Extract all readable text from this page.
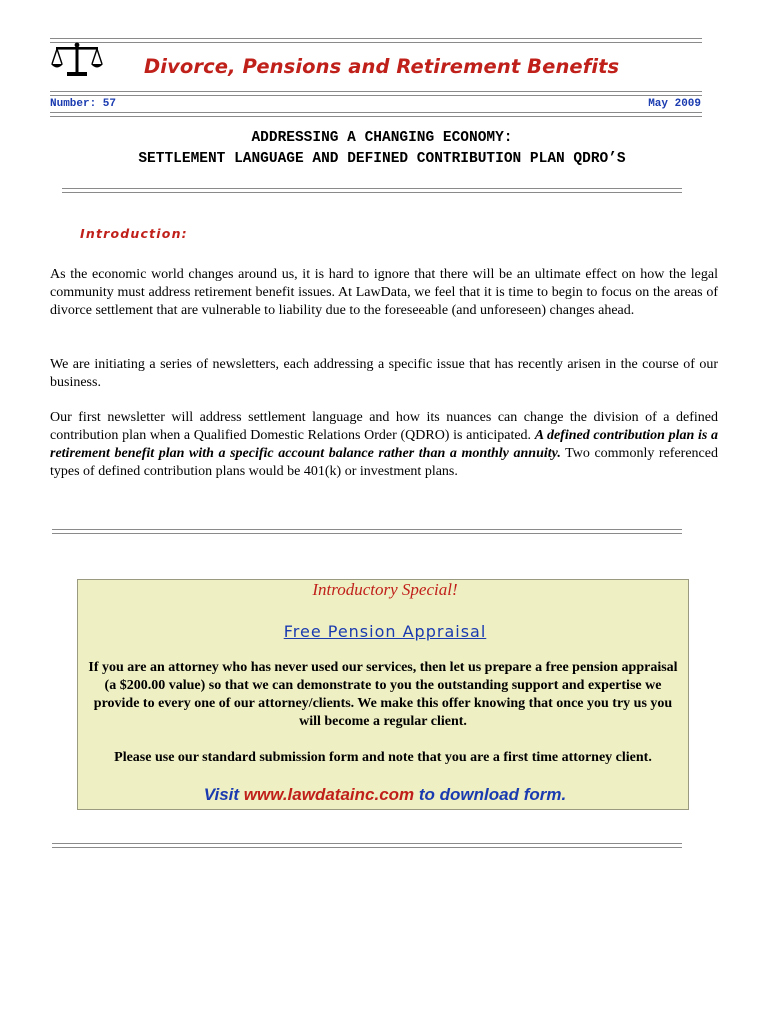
Divorce, Pensions and Retirement Benefits
Number: 57	May 2009
ADDRESSING A CHANGING ECONOMY:
SETTLEMENT LANGUAGE AND DEFINED CONTRIBUTION PLAN QDRO’S
Introduction:

As the economic world changes around us, it is hard to ignore that there will be an ultimate effect on how the legal community must address retirement benefit issues. At LawData, we feel that it is time to begin to focus on the areas of divorce settlement that are vulnerable to liability due to the foreseeable (and unforeseen) changes ahead.

We are initiating a series of newsletters, each addressing a specific issue that has recently arisen in the course of our business.

Our first newsletter will address settlement language and how its nuances can change the division of a defined contribution plan when a Qualified Domestic Relations Order (QDRO) is anticipated. A defined contribution plan is a retirement benefit plan with a specific account balance rather than a monthly annuity. Two commonly referenced types of defined contribution plans would be 401(k) or investment plans.

Introductory Special!
Free Pension Appraisal

If you are an attorney who has never used our services, then let us prepare a free pension appraisal (a $200.00 value) so that we can demonstrate to you the outstanding support and expertise we provide to every one of our attorney/clients. We make this offer knowing that once you try us you will become a regular client.

Please use our standard submission form and note that you are a first time attorney client.

Visit www.lawdatainc.com to download form.
